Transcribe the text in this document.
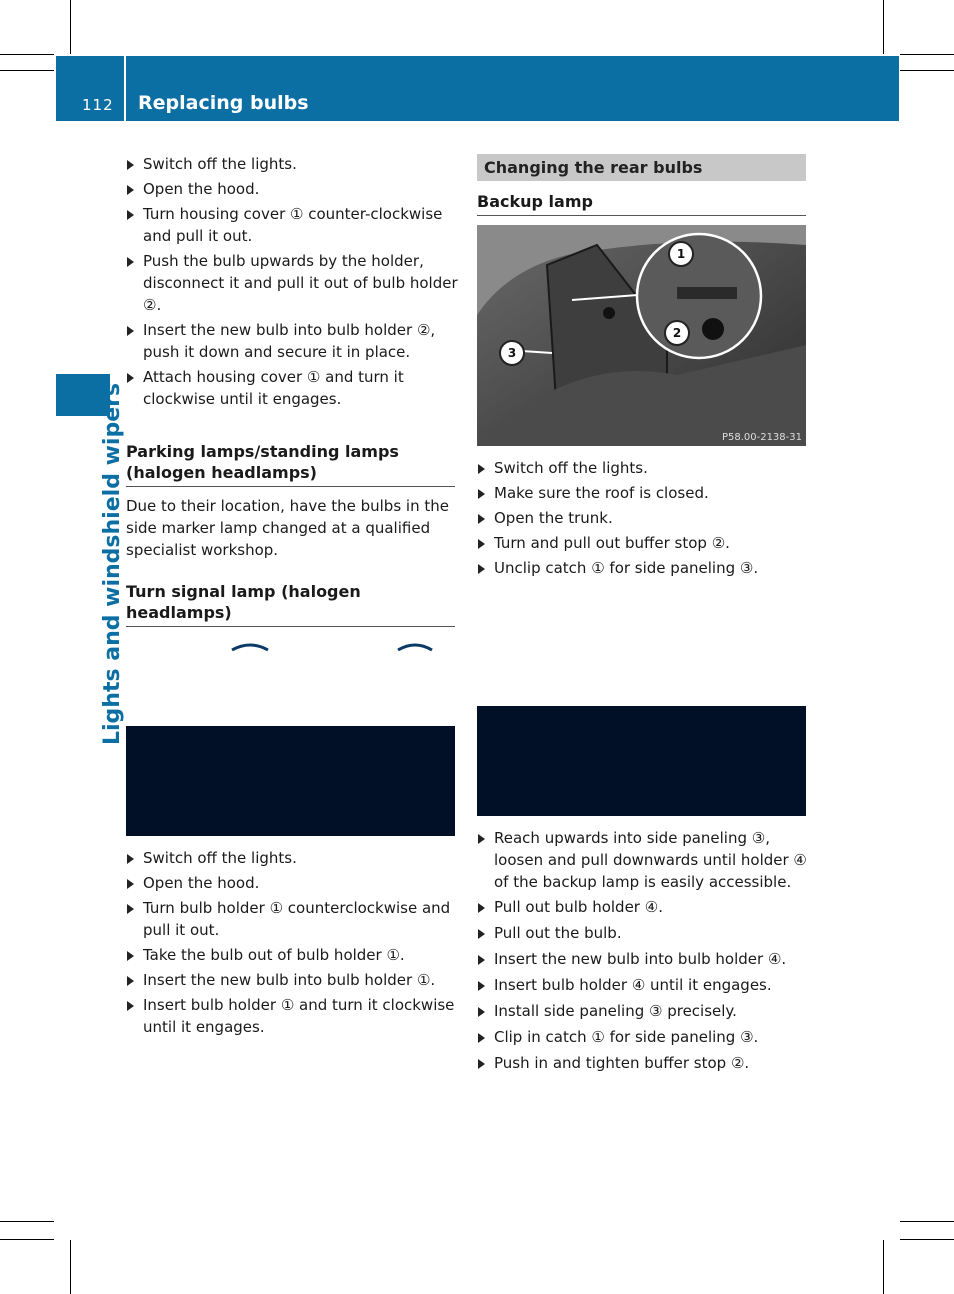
112 Replacing bulbs
Lights and windshield wipers
Switch off the lights.
Open the hood.
Turn housing cover ① counter-clockwise and pull it out.
Push the bulb upwards by the holder, disconnect it and pull it out of bulb holder ②.
Insert the new bulb into bulb holder ②, push it down and secure it in place.
Attach housing cover ① and turn it clockwise until it engages.
Parking lamps/standing lamps (halogen headlamps)
Due to their location, have the bulbs in the side marker lamp changed at a qualified specialist workshop.
Turn signal lamp (halogen headlamps)
Switch off the lights.
Open the hood.
Turn bulb holder ① counterclockwise and pull it out.
Take the bulb out of bulb holder ①.
Insert the new bulb into bulb holder ①.
Insert bulb holder ① and turn it clockwise until it engages.
Changing the rear bulbs
Backup lamp
1
2
3
P58.00-2138-31
Switch off the lights.
Make sure the roof is closed.
Open the trunk.
Turn and pull out buffer stop ②.
Unclip catch ① for side paneling ③.
Reach upwards into side paneling ③, loosen and pull downwards until holder ④ of the backup lamp is easily accessible.
Pull out bulb holder ④.
Pull out the bulb.
Insert the new bulb into bulb holder ④.
Insert bulb holder ④ until it engages.
Install side paneling ③ precisely.
Clip in catch ① for side paneling ③.
Push in and tighten buffer stop ②.
